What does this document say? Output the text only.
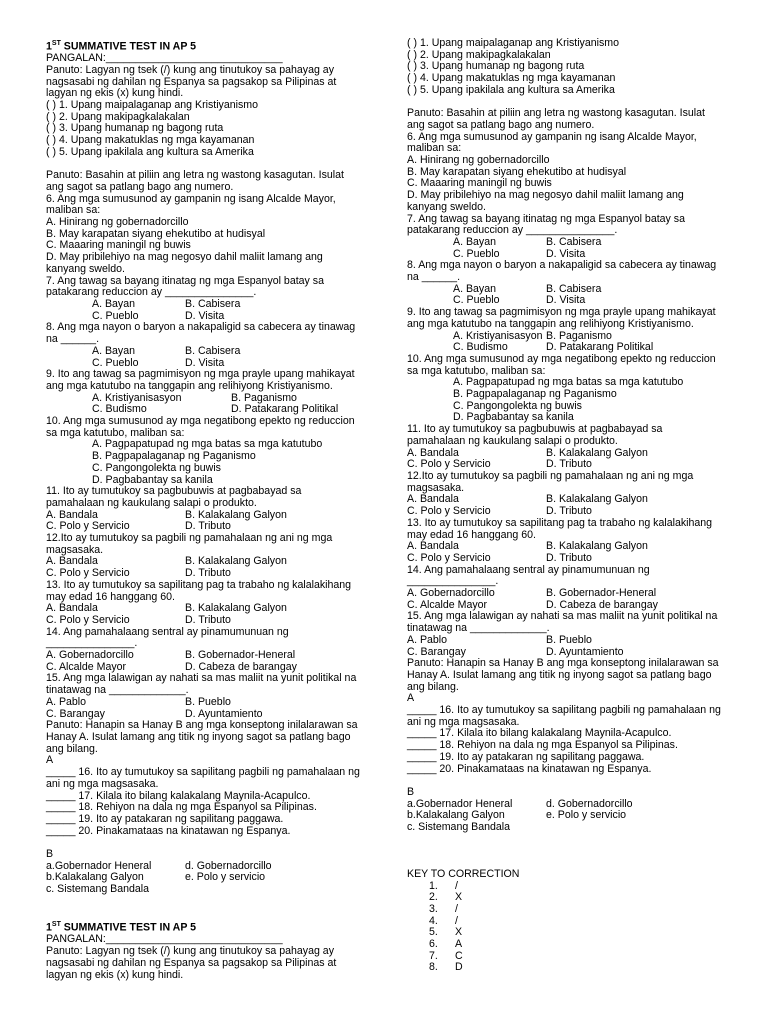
1ST SUMMATIVE TEST IN AP 5
PANGALAN:______________________________
Panuto: Lagyan ng tsek (/) kung ang tinutukoy sa pahayag ay
nagsasabi ng dahilan ng Espanya sa pagsakop sa Pilipinas at
lagyan ng ekis (x) kung hindi.
( ) 1. Upang maipalaganap ang Kristiyanismo
( ) 2. Upang makipagkalakalan
( ) 3. Upang humanap ng bagong ruta
( ) 4. Upang makatuklas ng mga kayamanan
( ) 5. Upang ipakilala ang kultura sa Amerika
Panuto: Basahin at piliin ang letra ng wastong kasagutan. Isulat
ang sagot sa patlang bago ang numero.
6. Ang mga sumusunod ay gampanin ng isang Alcalde Mayor,
maliban sa:
A. Hinirang ng gobernadorcillo
B. May karapatan siyang ehekutibo at hudisyal
C. Maaaring maningil ng buwis
D. May pribilehiyo na mag negosyo dahil maliit lamang ang
kanyang sweldo.
7. Ang tawag sa bayang itinatag ng mga Espanyol batay sa
patakarang reduccion ay _______________.
A. Bayan	B. Cabisera
C. Pueblo	D. Visita
8. Ang mga nayon o baryon a nakapaligid sa cabecera ay tinawag
na ______.
A. Bayan	B. Cabisera
C. Pueblo	D. Visita
9. Ito ang tawag sa pagmimisyon ng mga prayle upang mahikayat
ang mga katutubo na tanggapin ang relihiyong Kristiyanismo.
A. Kristiyanisasyon	B. Paganismo
C. Budismo	D. Patakarang Politikal
10. Ang mga sumusunod ay mga negatibong epekto ng reduccion
sa mga katutubo, maliban sa:
A. Pagpapatupad ng mga batas sa mga katutubo
B. Pagpapalaganap ng Paganismo
C. Pangongolekta ng buwis
D. Pagbabantay sa kanila
11. Ito ay tumutukoy sa pagbubuwis at pagbabayad sa
pamahalaan ng kaukulang salapi o produkto.
A. Bandala	B. Kalakalang Galyon
C. Polo y Servicio	D. Tributo
12.Ito ay tumutukoy sa pagbili ng pamahalaan ng ani ng mga
magsasaka.
A. Bandala	B. Kalakalang Galyon
C. Polo y Servicio	D. Tributo
13. Ito ay tumutukoy sa sapilitang pag ta trabaho ng kalalakihang
may edad 16 hanggang 60.
A. Bandala	B. Kalakalang Galyon
C. Polo y Servicio	D. Tributo
14. Ang pamahalaang sentral ay pinamumunuan ng
_______________.
A. Gobernadorcillo	B. Gobernador-Heneral
C. Alcalde Mayor	D. Cabeza de barangay
15. Ang mga lalawigan ay nahati sa mas maliit na yunit politikal na
tinatawag na _____________.
A. Pablo	B. Pueblo
C. Barangay	D. Ayuntamiento
Panuto: Hanapin sa Hanay B ang mga konseptong inilalarawan sa
Hanay A. Isulat lamang ang titik ng inyong sagot sa patlang bago
ang bilang.
A
_____ 16. Ito ay tumutukoy sa sapilitang pagbili ng pamahalaan ng
ani ng mga magsasaka.
_____ 17. Kilala ito bilang kalakalang Maynila-Acapulco.
_____ 18. Rehiyon na dala ng mga Espanyol sa Pilipinas.
_____ 19. Ito ay patakaran ng sapilitang paggawa.
_____ 20. Pinakamataas na kinatawan ng Espanya.
B
a.Gobernador Heneral	d. Gobernadorcillo
b.Kalakalang Galyon	e. Polo y servicio
c. Sistemang Bandala
1ST SUMMATIVE TEST IN AP 5
PANGALAN:______________________________
Panuto: Lagyan ng tsek (/) kung ang tinutukoy sa pahayag ay
nagsasabi ng dahilan ng Espanya sa pagsakop sa Pilipinas at
lagyan ng ekis (x) kung hindi.
( ) 1. Upang maipalaganap ang Kristiyanismo
( ) 2. Upang makipagkalakalan
( ) 3. Upang humanap ng bagong ruta
( ) 4. Upang makatuklas ng mga kayamanan
( ) 5. Upang ipakilala ang kultura sa Amerika
Panuto: Basahin at piliin ang letra ng wastong kasagutan. Isulat
ang sagot sa patlang bago ang numero.
6. Ang mga sumusunod ay gampanin ng isang Alcalde Mayor,
maliban sa:
A. Hinirang ng gobernadorcillo
B. May karapatan siyang ehekutibo at hudisyal
C. Maaaring maningil ng buwis
D. May pribilehiyo na mag negosyo dahil maliit lamang ang
kanyang sweldo.
7. Ang tawag sa bayang itinatag ng mga Espanyol batay sa
patakarang reduccion ay _______________.
A. Bayan	B. Cabisera
C. Pueblo	D. Visita
8. Ang mga nayon o baryon a nakapaligid sa cabecera ay tinawag
na ______.
A. Bayan	B. Cabisera
C. Pueblo	D. Visita
9. Ito ang tawag sa pagmimisyon ng mga prayle upang mahikayat
ang mga katutubo na tanggapin ang relihiyong Kristiyanismo.
A. Kristiyanisasyon B. Paganismo
C. Budismo	D. Patakarang Politikal
10. Ang mga sumusunod ay mga negatibong epekto ng reduccion
sa mga katutubo, maliban sa:
A. Pagpapatupad ng mga batas sa mga katutubo
B. Pagpapalaganap ng Paganismo
C. Pangongolekta ng buwis
D. Pagbabantay sa kanila
11. Ito ay tumutukoy sa pagbubuwis at pagbabayad sa
pamahalaan ng kaukulang salapi o produkto.
A. Bandala	B. Kalakalang Galyon
C. Polo y Servicio	D. Tributo
12.Ito ay tumutukoy sa pagbili ng pamahalaan ng ani ng mga
magsasaka.
A. Bandala	B. Kalakalang Galyon
C. Polo y Servicio	D. Tributo
13. Ito ay tumutukoy sa sapilitang pag ta trabaho ng kalalakihang
may edad 16 hanggang 60.
A. Bandala	B. Kalakalang Galyon
C. Polo y Servicio	D. Tributo
14. Ang pamahalaang sentral ay pinamumunuan ng
_______________.
A. Gobernadorcillo	B. Gobernador-Heneral
C. Alcalde Mayor	D. Cabeza de barangay
15. Ang mga lalawigan ay nahati sa mas maliit na yunit politikal na
tinatawag na _____________.
A. Pablo	B. Pueblo
C. Barangay	D. Ayuntamiento
Panuto: Hanapin sa Hanay B ang mga konseptong inilalarawan sa
Hanay A. Isulat lamang ang titik ng inyong sagot sa patlang bago
ang bilang.
A
_____ 16. Ito ay tumutukoy sa sapilitang pagbili ng pamahalaan ng
ani ng mga magsasaka.
_____ 17. Kilala ito bilang kalakalang Maynila-Acapulco.
_____ 18. Rehiyon na dala ng mga Espanyol sa Pilipinas.
_____ 19. Ito ay patakaran ng sapilitang paggawa.
_____ 20. Pinakamataas na kinatawan ng Espanya.
B
a.Gobernador Heneral	d. Gobernadorcillo
b.Kalakalang Galyon	e. Polo y servicio
c. Sistemang Bandala
KEY TO CORRECTION
1.	/
2.	X
3.	/
4.	/
5.	X
6.	A
7.	C
8.	D
